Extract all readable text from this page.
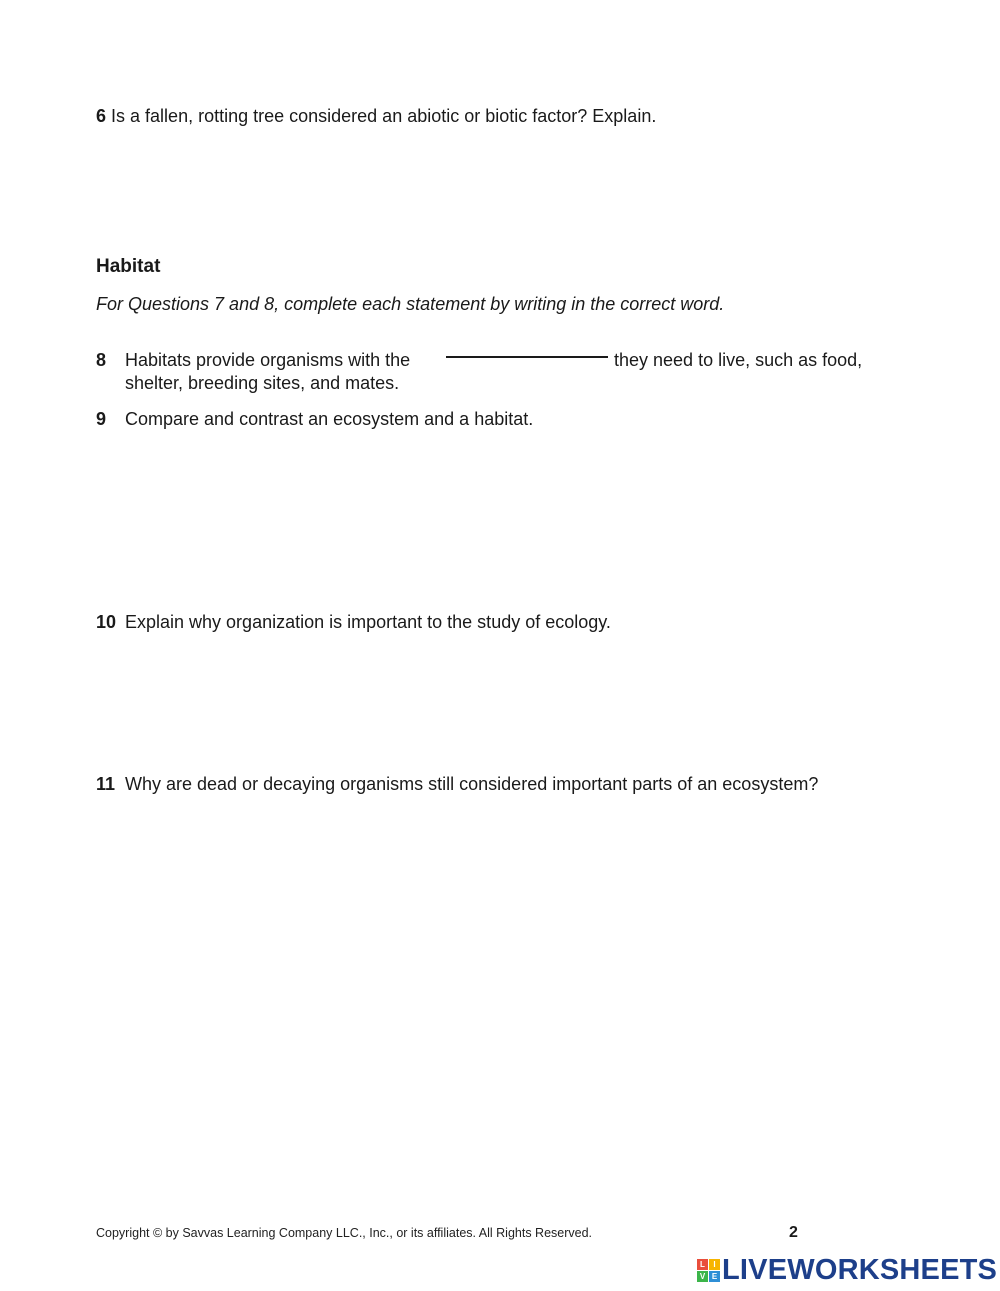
6 Is a fallen, rotting tree considered an abiotic or biotic factor? Explain.
Habitat
For Questions 7 and 8, complete each statement by writing in the correct word.
8	Habitats provide organisms with the	they need to live, such as food,
shelter, breeding sites, and mates.
9	Compare and contrast an ecosystem and a habitat.
10 Explain why organization is important to the study of ecology.
11 Why are dead or decaying organisms still considered important parts of an ecosystem?
Copyright © by Savvas Learning Company LLC., Inc., or its affiliates. All Rights Reserved.	2
L	I
V E LIVEWORKSHEETS
